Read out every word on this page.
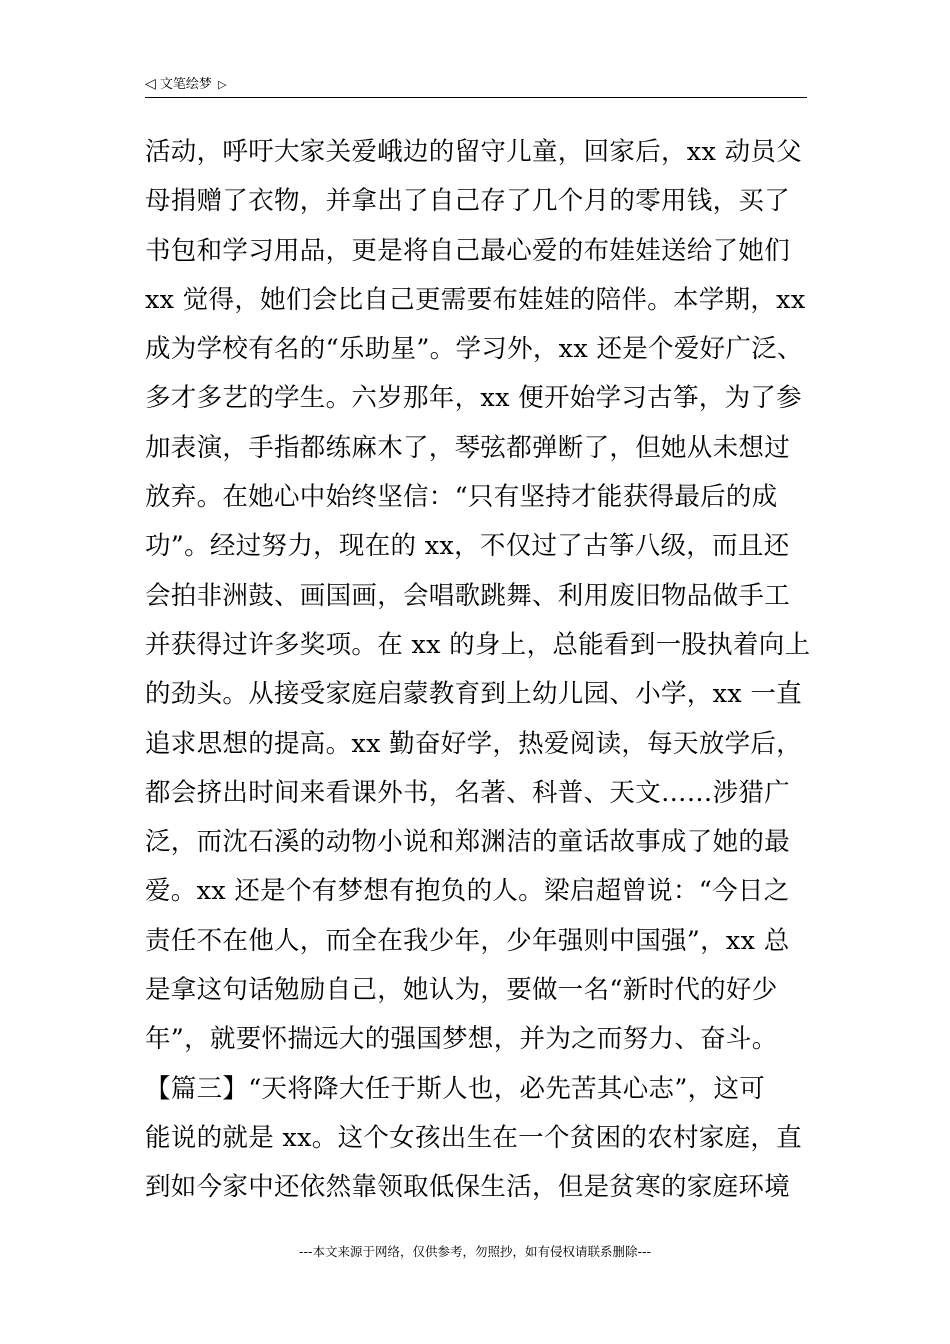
◁ 文笔绘梦 ▷
活动，呼吁大家关爱峨边的留守儿童，回家后，xx 动员父
母捐赠了衣物，并拿出了自己存了几个月的零用钱，买了
书包和学习用品，更是将自己最心爱的布娃娃送给了她们
xx 觉得，她们会比自己更需要布娃娃的陪伴。本学期，xx
成为学校有名的“乐助星”。学习外，xx 还是个爱好广泛、
多才多艺的学生。六岁那年，xx 便开始学习古筝，为了参
加表演，手指都练麻木了，琴弦都弹断了，但她从未想过
放弃。在她心中始终坚信：“只有坚持才能获得最后的成
功”。经过努力，现在的 xx，不仅过了古筝八级，而且还
会拍非洲鼓、画国画，会唱歌跳舞、利用废旧物品做手工
并获得过许多奖项。在 xx 的身上，总能看到一股执着向上
的劲头。从接受家庭启蒙教育到上幼儿园、小学，xx 一直
追求思想的提高。xx 勤奋好学，热爱阅读，每天放学后，
都会挤出时间来看课外书，名著、科普、天文……涉猎广
泛，而沈石溪的动物小说和郑渊洁的童话故事成了她的最
爱。xx 还是个有梦想有抱负的人。梁启超曾说：“今日之
责任不在他人，而全在我少年，少年强则中国强”，xx 总
是拿这句话勉励自己，她认为，要做一名“新时代的好少
年”，就要怀揣远大的强国梦想，并为之而努力、奋斗。
【篇三】“天将降大任于斯人也，必先苦其心志”，这可
能说的就是 xx。这个女孩出生在一个贫困的农村家庭，直
到如今家中还依然靠领取低保生活，但是贫寒的家庭环境
---本文来源于网络，仅供参考，勿照抄，如有侵权请联系删除---
